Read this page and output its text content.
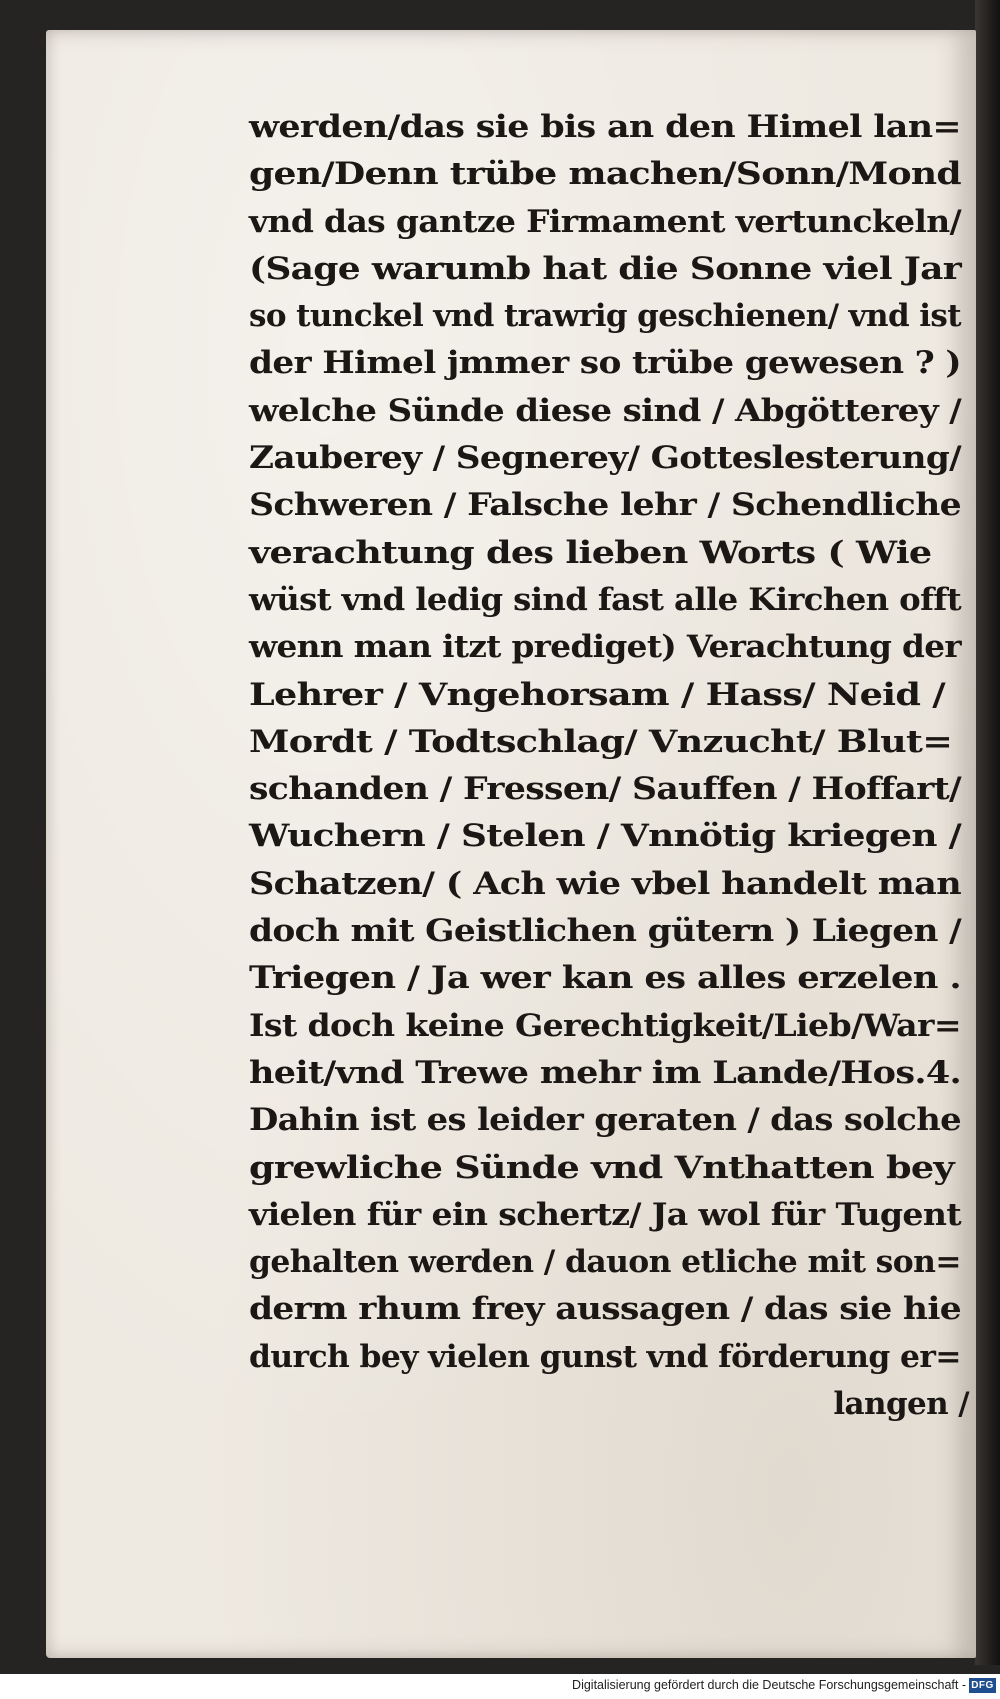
werden/das sie bis an den Himel lan=
gen/Denn trübe machen/Sonn/Mond
vnd das gantze Firmament vertunckeln/
(Sage warumb hat die Sonne viel Jar
so tunckel vnd trawrig geschienen/ vnd ist
der Himel jmmer so trübe gewesen ? )
welche Sünde diese sind / Abgötterey /
Zauberey / Segnerey/ Gotteslesterung/
Schweren / Falsche lehr / Schendliche
verachtung des lieben Worts ( Wie
wüst vnd ledig sind fast alle Kirchen offt
wenn man itzt prediget) Verachtung der
Lehrer / Vngehorsam / Hass/ Neid /
Mordt / Todtschlag/ Vnzucht/ Blut=
schanden / Fressen/ Sauffen / Hoffart/
Wuchern / Stelen / Vnnötig kriegen /
Schatzen/ ( Ach wie vbel handelt man
doch mit Geistlichen gütern ) Liegen /
Triegen / Ja wer kan es alles erzelen .
Ist doch keine Gerechtigkeit/Lieb/War=
heit/vnd Trewe mehr im Lande/Hos.4.
Dahin ist es leider geraten / das solche
grewliche Sünde vnd Vnthatten bey
vielen für ein schertz/ Ja wol für Tugent
gehalten werden / dauon etliche mit son=
derm rhum frey aussagen / das sie hie
durch bey vielen gunst vnd förderung er=
langen /
Digitalisierung gefördert durch die Deutsche Forschungsgemeinschaft - DFG
